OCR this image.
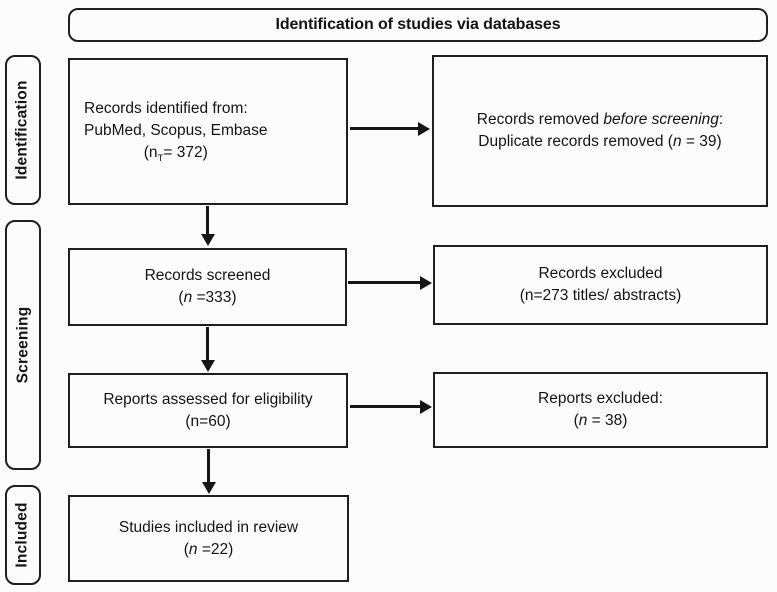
Identification of studies via databases
Identification
Screening
Included
Records identified from:
PubMed, Scopus, Embase
$(n_T= 372)$
Records removed before screening:
Duplicate records removed (n = 39)
Records screened
(n =333)
Records excluded
(n=273 titles/ abstracts)
Reports assessed for eligibility
(n=60)
Reports excluded:
(n = 38)
Studies included in review
(n =22)
